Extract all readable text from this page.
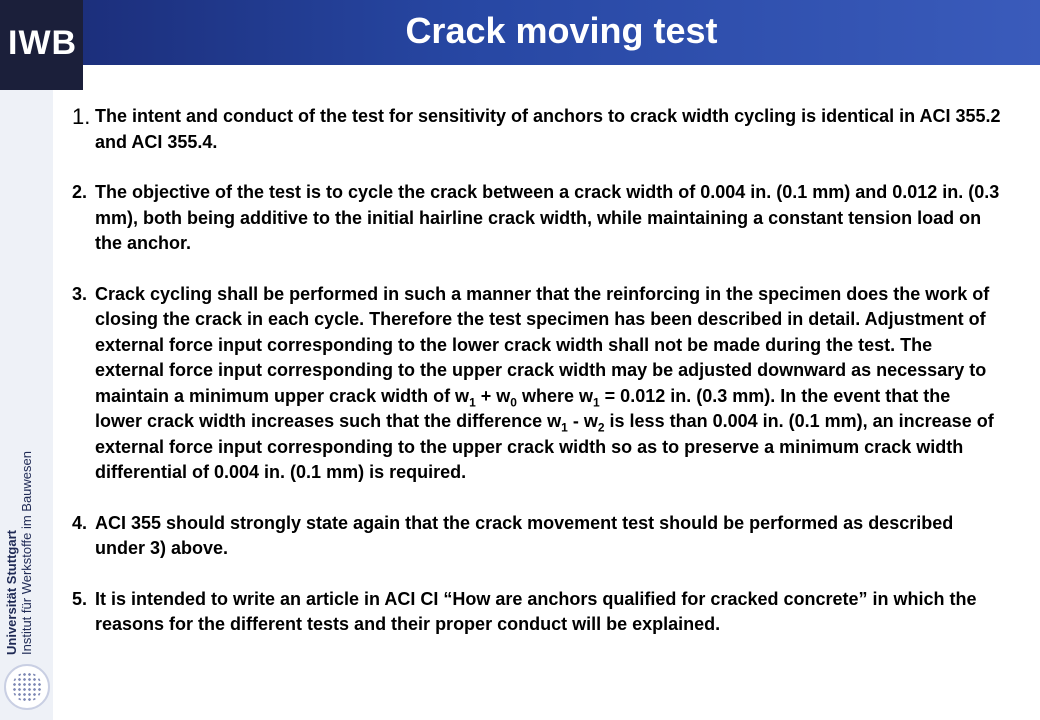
IWB	Crack moving test
Universität Stuttgart Institut für Werkstoffe im Bauwesen
1. The intent and conduct of the test for sensitivity of anchors to crack width cycling is identical in ACI 355.2 and ACI 355.4.
2. The objective of the test is to cycle the crack between a crack width of 0.004 in. (0.1 mm) and 0.012 in. (0.3 mm), both being additive to the initial hairline crack width, while maintaining a constant tension load on the anchor.
3. Crack cycling shall be performed in such a manner that the reinforcing in the specimen does the work of closing the crack in each cycle. Therefore the test specimen has been described in detail. Adjustment of external force input corresponding to the lower crack width shall not be made during the test. The external force input corresponding to the upper crack width may be adjusted downward as necessary to maintain a minimum upper crack width of $w_1 + w_0$ where $w_1 = 0.012$ in. (0.3 mm). In the event that the lower crack width increases such that the difference $w_1 - w_2$ is less than 0.004 in. (0.1 mm), an increase of external force input corresponding to the upper crack width so as to preserve a minimum crack width differential of 0.004 in. (0.1 mm) is required.
4. ACI 355 should strongly state again that the crack movement test should be performed as described under 3) above.
5. It is intended to write an article in ACI CI “How are anchors qualified for cracked concrete” in which the reasons for the different tests and their proper conduct will be explained.
